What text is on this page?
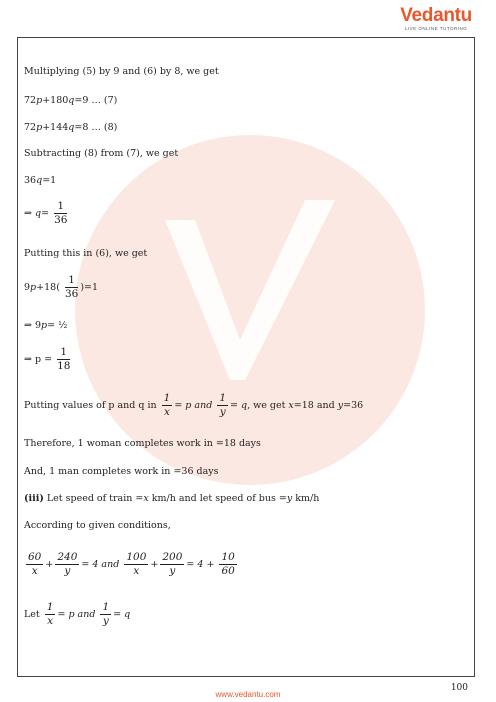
Vedantu
LIVE ONLINE TUTORING
Multiplying (5) by 9 and (6) by 8, we get
72p+180q=9 … (7)
72p+144q=8 … (8)
Subtracting (8) from (7), we get
36q=1
⇒ $q= \frac{1}{36}$
Putting this in (6), we get
$9p+18( \frac{1}{36} )=1$
⇒ 9p= ½
⇒ $p = \frac{1}{18}$
Putting values of p and q in $\frac{1}{x} = p$ and $\frac{1}{y} = q$, we get x=18 and y=36
Therefore, 1 woman completes work in =18 days
And, 1 man completes work in =36 days
(iii) Let speed of train =x km/h and let speed of bus =y km/h
According to given conditions,
$\frac{60}{x} + \frac{240}{y} = 4$ and $\frac{100}{x} + \frac{200}{y} = 4 + \frac{10}{60}$
Let $\frac{1}{x} = p$ and $\frac{1}{y} = q$
100
www.vedantu.com
